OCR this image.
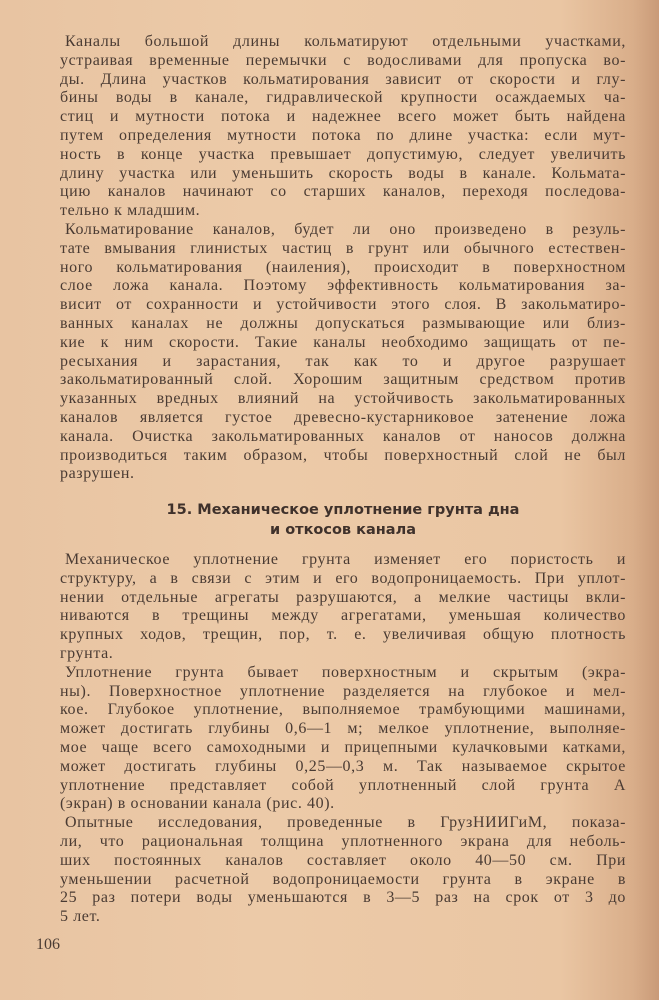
Каналы большой длины кольматируют отдельными участками,
устраивая временные перемычки с водосливами для пропуска во-
ды. Длина участков кольматирования зависит от скорости и глу-
бины воды в канале, гидравлической крупности осаждаемых ча-
стиц и мутности потока и надежнее всего может быть найдена
путем определения мутности потока по длине участка: если мут-
ность в конце участка превышает допустимую, следует увеличить
длину участка или уменьшить скорость воды в канале. Кольмата-
цию каналов начинают со старших каналов, переходя последова-
тельно к младшим.
Кольматирование каналов, будет ли оно произведено в резуль-
тате вмывания глинистых частиц в грунт или обычного естествен-
ного кольматирования (наиления), происходит в поверхностном
слое ложа канала. Поэтому эффективность кольматирования за-
висит от сохранности и устойчивости этого слоя. В закольматиро-
ванных каналах не должны допускаться размывающие или близ-
кие к ним скорости. Такие каналы необходимо защищать от пе-
ресыхания и зарастания, так как то и другое разрушает
закольматированный слой. Хорошим защитным средством против
указанных вредных влияний на устойчивость закольматированных
каналов является густое древесно-кустарниковое затенение ложа
канала. Очистка закольматированных каналов от наносов должна
производиться таким образом, чтобы поверхностный слой не был
разрушен.
15. Механическое уплотнение грунта дна
и откосов канала
Механическое уплотнение грунта изменяет его пористость и
структуру, а в связи с этим и его водопроницаемость. При уплот-
нении отдельные агрегаты разрушаются, а мелкие частицы вкли-
ниваются в трещины между агрегатами, уменьшая количество
крупных ходов, трещин, пор, т. е. увеличивая общую плотность
грунта.
Уплотнение грунта бывает поверхностным и скрытым (экра-
ны). Поверхностное уплотнение разделяется на глубокое и мел-
кое. Глубокое уплотнение, выполняемое трамбующими машинами,
может достигать глубины 0,6—1 м; мелкое уплотнение, выполняе-
мое чаще всего самоходными и прицепными кулачковыми катками,
может достигать глубины 0,25—0,3 м. Так называемое скрытое
уплотнение представляет собой уплотненный слой грунта А
(экран) в основании канала (рис. 40).
Опытные исследования, проведенные в ГрузНИИГиМ, показа-
ли, что рациональная толщина уплотненного экрана для неболь-
ших постоянных каналов составляет около 40—50 см. При
уменьшении расчетной водопроницаемости грунта в экране в
25 раз потери воды уменьшаются в 3—5 раз на срок от 3 до
5 лет.
106
